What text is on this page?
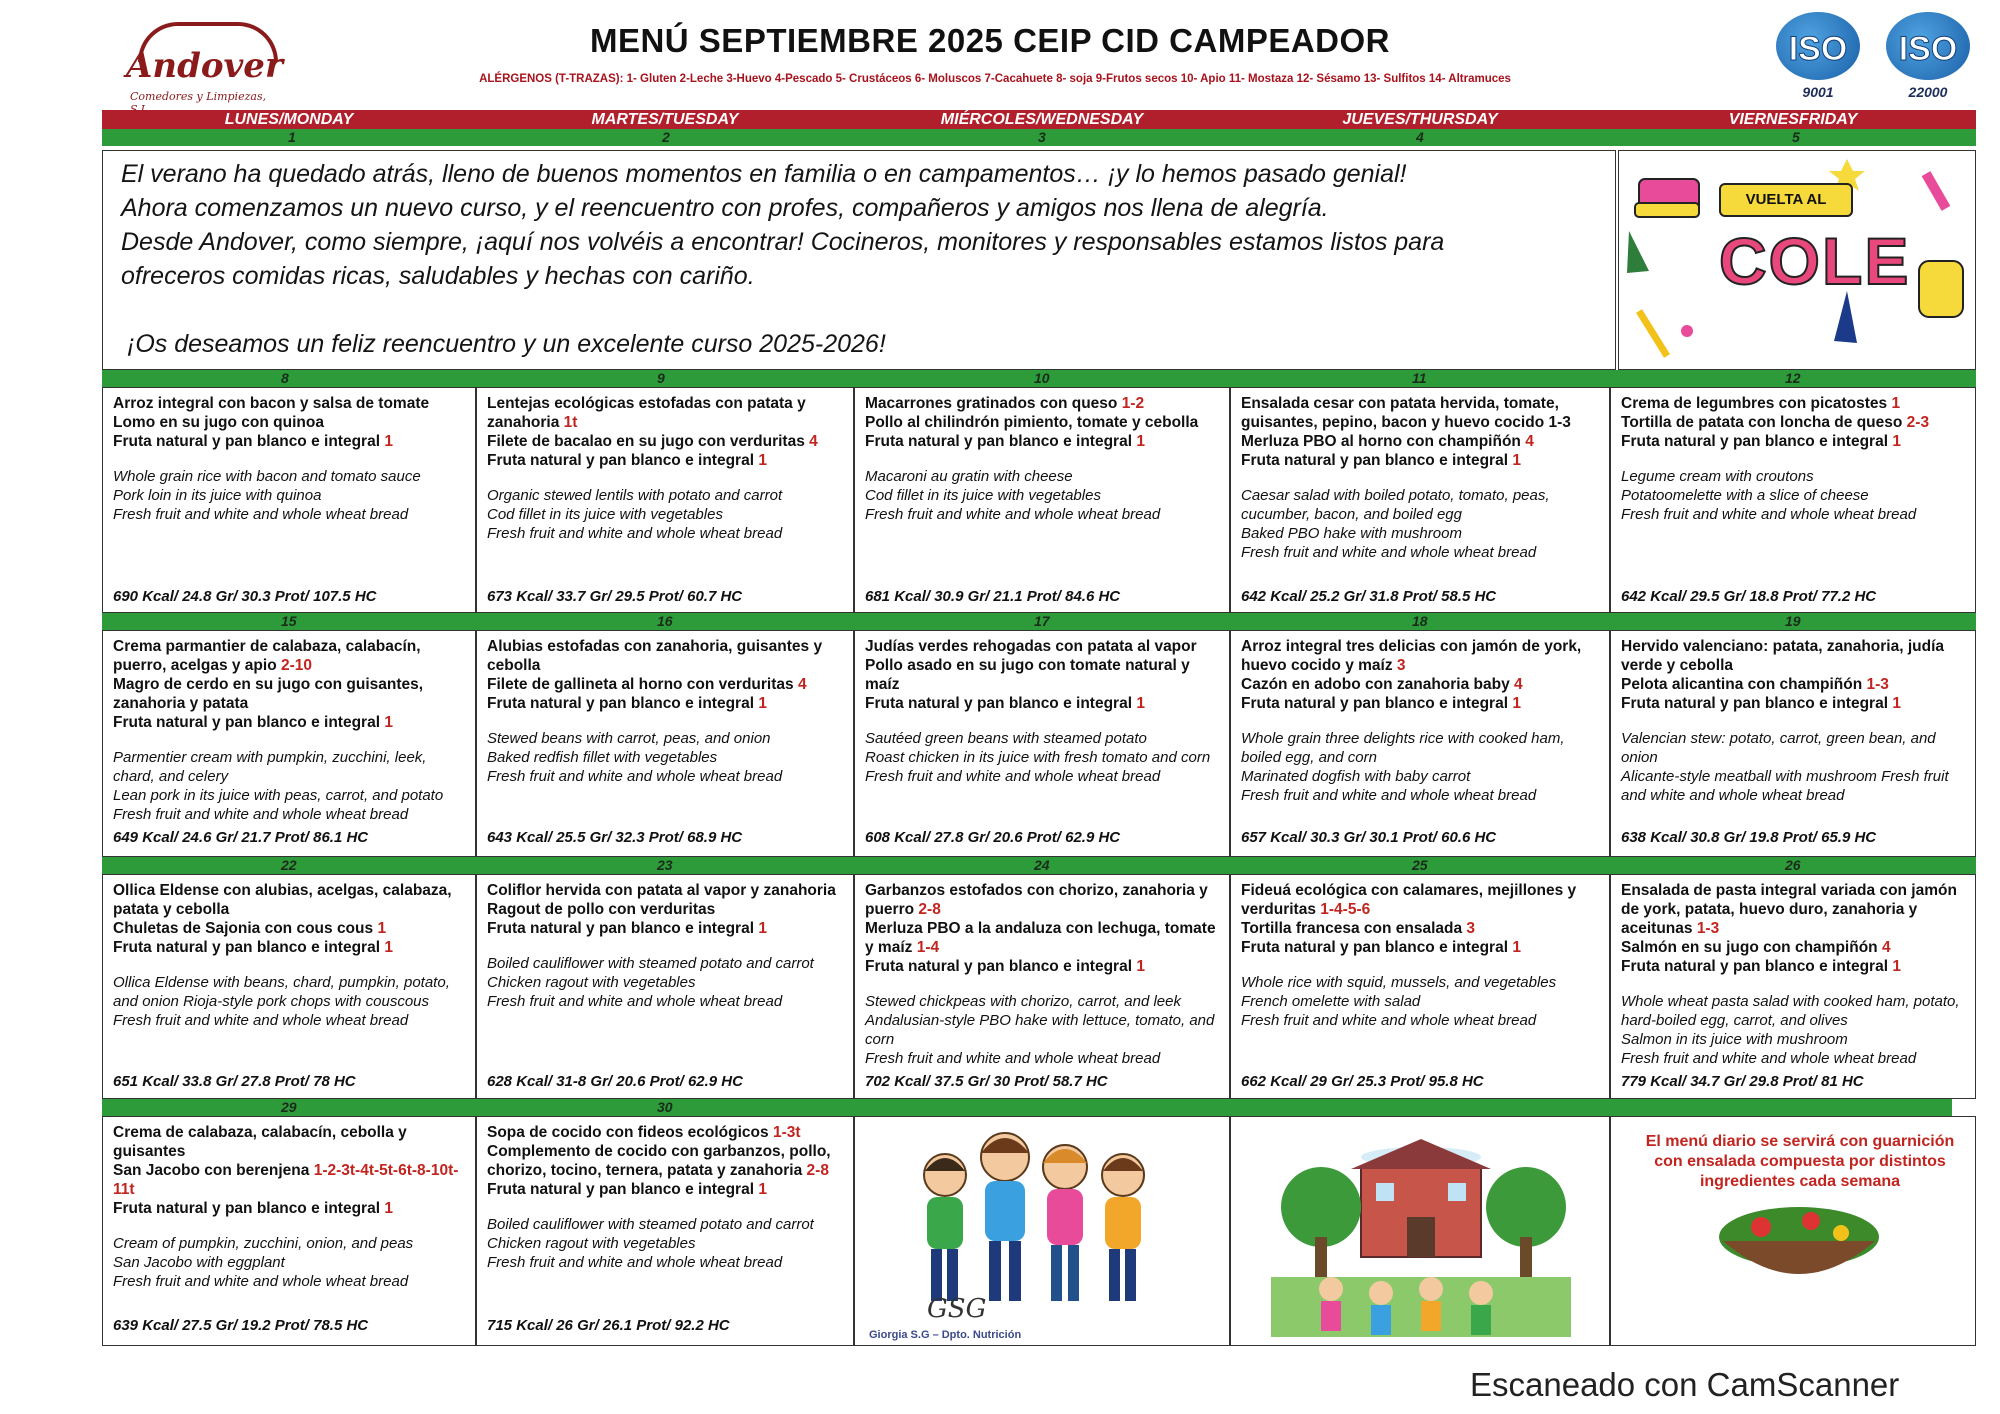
Andover
Comedores y Limpiezas,
MENÚ SEPTIEMBRE 2025 CEIP CID CAMPEADOR
ALÉRGENOS (T-TRAZAS): 1- Gluten 2-Leche 3-Huevo 4-Pescado 5- Crustáceos 6- Moluscos 7-Cacahuete 8- soja 9-Frutos secos 10- Apio 11- Mostaza 12- Sésamo 13- Sulfitos 14- Altramuces
ISO
9001
ISO
22000
LUNES/MONDAY	MARTES/TUESDAY	MIÉRCOLES/WEDNESDAY	JUEVES/THURSDAY	VIERNESFRIDAY
1	2	3	4	5

El verano ha quedado atrás, lleno de buenos momentos en familia o en campamentos… ¡y lo hemos pasado genial!

Ahora comenzamos un nuevo curso, y el reencuentro con profes, compañeros y amigos nos llena de alegría.

Desde Andover, como siempre, ¡aquí nos volvéis a encontrar! Cocineros, monitores y responsables estamos listos para

ofreceros comidas ricas, saludables y hechas con cariño.

¡Os deseamos un feliz reencuentro y un excelente curso 2025-2026!

VUELTA AL
COLE
8	9	10	11	12
Arroz integral con bacon y salsa de tomate
Lomo en su jugo con quinoa
Fruta natural y pan blanco e integral 1
Whole grain rice with bacon and tomato sauce
Pork loin in its juice with quinoa
Fresh fruit and white and whole wheat bread
690 Kcal/ 24.8 Gr/ 30.3 Prot/ 107.5 HC
Lentejas ecológicas estofadas con patata y zanahoria 1t
Filete de bacalao en su jugo con verduritas 4
Fruta natural y pan blanco e integral 1
Organic stewed lentils with potato and carrot
Cod fillet in its juice with vegetables
Fresh fruit and white and whole wheat bread
673 Kcal/ 33.7 Gr/ 29.5 Prot/ 60.7 HC
Macarrones gratinados con queso 1-2
Pollo al chilindrón pimiento, tomate y cebolla
Fruta natural y pan blanco e integral 1
Macaroni au gratin with cheese
Cod fillet in its juice with vegetables
Fresh fruit and white and whole wheat bread
681 Kcal/ 30.9 Gr/ 21.1 Prot/ 84.6 HC
Ensalada cesar con patata hervida, tomate, guisantes, pepino, bacon y huevo cocido 1-3
Merluza PBO al horno con champiñón 4
Fruta natural y pan blanco e integral 1
Caesar salad with boiled potato, tomato, peas, cucumber, bacon, and boiled egg
Baked PBO hake with mushroom
Fresh fruit and white and whole wheat bread
642 Kcal/ 25.2 Gr/ 31.8 Prot/ 58.5 HC
Crema de legumbres con picatostes 1
Tortilla de patata con loncha de queso 2-3
Fruta natural y pan blanco e integral 1
Legume cream with croutons
Potatoomelette with a slice of cheese
Fresh fruit and white and whole wheat bread
642 Kcal/ 29.5 Gr/ 18.8 Prot/ 77.2 HC
15	16	17	18	19
Crema parmantier de calabaza, calabacín, puerro, acelgas y apio 2-10
Magro de cerdo en su jugo con guisantes, zanahoria y patata
Fruta natural y pan blanco e integral 1
Parmentier cream with pumpkin, zucchini, leek, chard, and celery
Lean pork in its juice with peas, carrot, and potato
Fresh fruit and white and whole wheat bread
649 Kcal/ 24.6 Gr/ 21.7 Prot/ 86.1 HC
Alubias estofadas con zanahoria, guisantes y cebolla
Filete de gallineta al horno con verduritas 4
Fruta natural y pan blanco e integral 1
Stewed beans with carrot, peas, and onion
Baked redfish fillet with vegetables
Fresh fruit and white and whole wheat bread
643 Kcal/ 25.5 Gr/ 32.3 Prot/ 68.9 HC
Judías verdes rehogadas con patata al vapor
Pollo asado en su jugo con tomate natural y maíz
Fruta natural y pan blanco e integral 1
Sautéed green beans with steamed potato
Roast chicken in its juice with fresh tomato and corn
Fresh fruit and white and whole wheat bread
608 Kcal/ 27.8 Gr/ 20.6 Prot/ 62.9 HC
Arroz integral tres delicias con jamón de york, huevo cocido y maíz 3
Cazón en adobo con zanahoria baby 4
Fruta natural y pan blanco e integral 1
Whole grain three delights rice with cooked ham, boiled egg, and corn
Marinated dogfish with baby carrot
Fresh fruit and white and whole wheat bread
657 Kcal/ 30.3 Gr/ 30.1 Prot/ 60.6 HC
Hervido valenciano: patata, zanahoria, judía verde y cebolla
Pelota alicantina con champiñón 1-3
Fruta natural y pan blanco e integral 1
Valencian stew: potato, carrot, green bean, and onion
Alicante-style meatball with mushroom Fresh fruit and white and whole wheat bread
638 Kcal/ 30.8 Gr/ 19.8 Prot/ 65.9 HC
22	23	24	25	26
Ollica Eldense con alubias, acelgas, calabaza, patata y cebolla
Chuletas de Sajonia con cous cous 1
Fruta natural y pan blanco e integral 1
Ollica Eldense with beans, chard, pumpkin, potato, and onion Rioja-style pork chops with couscous
Fresh fruit and white and whole wheat bread
651 Kcal/ 33.8 Gr/ 27.8 Prot/ 78 HC
Coliflor hervida con patata al vapor y zanahoria
Ragout de pollo con verduritas
Fruta natural y pan blanco e integral 1
Boiled cauliflower with steamed potato and carrot
Chicken ragout with vegetables
Fresh fruit and white and whole wheat bread
628 Kcal/ 31-8 Gr/ 20.6 Prot/ 62.9 HC
Garbanzos estofados con chorizo, zanahoria y puerro 2-8
Merluza PBO a la andaluza con lechuga, tomate y maíz 1-4
Fruta natural y pan blanco e integral 1
Stewed chickpeas with chorizo, carrot, and leek
Andalusian-style PBO hake with lettuce, tomato, and corn
Fresh fruit and white and whole wheat bread
702 Kcal/ 37.5 Gr/ 30 Prot/ 58.7 HC
Fideuá ecológica con calamares, mejillones y verduritas 1-4-5-6
Tortilla francesa con ensalada 3
Fruta natural y pan blanco e integral 1
Whole rice with squid, mussels, and vegetables
French omelette with salad
Fresh fruit and white and whole wheat bread
662 Kcal/ 29 Gr/ 25.3 Prot/ 95.8 HC
Ensalada de pasta integral variada con jamón de york, patata, huevo duro, zanahoria y aceitunas 1-3
Salmón en su jugo con champiñón 4
Fruta natural y pan blanco e integral 1
Whole wheat pasta salad with cooked ham, potato, hard-boiled egg, carrot, and olives
Salmon in its juice with mushroom
Fresh fruit and white and whole wheat bread
779 Kcal/ 34.7 Gr/ 29.8 Prot/ 81 HC
29	30
Crema de calabaza, calabacín, cebolla y guisantes
San Jacobo con berenjena 1-2-3t-4t-5t-6t-8-10t-11t
Fruta natural y pan blanco e integral 1
Cream of pumpkin, zucchini, onion, and peas
San Jacobo with eggplant
Fresh fruit and white and whole wheat bread
639 Kcal/ 27.5 Gr/ 19.2 Prot/ 78.5 HC
Sopa de cocido con fideos ecológicos 1-3t
Complemento de cocido con garbanzos, pollo, chorizo, tocino, ternera, patata y zanahoria 2-8
Fruta natural y pan blanco e integral 1
Boiled cauliflower with steamed potato and carrot
Chicken ragout with vegetables
Fresh fruit and white and whole wheat bread
715 Kcal/ 26 Gr/ 26.1 Prot/ 92.2 HC
GSG
Giorgia S.G – Dpto. Nutrición
El menú diario se servirá con guarnición con ensalada compuesta por distintos ingredientes cada semana
Escaneado con CamScanner
